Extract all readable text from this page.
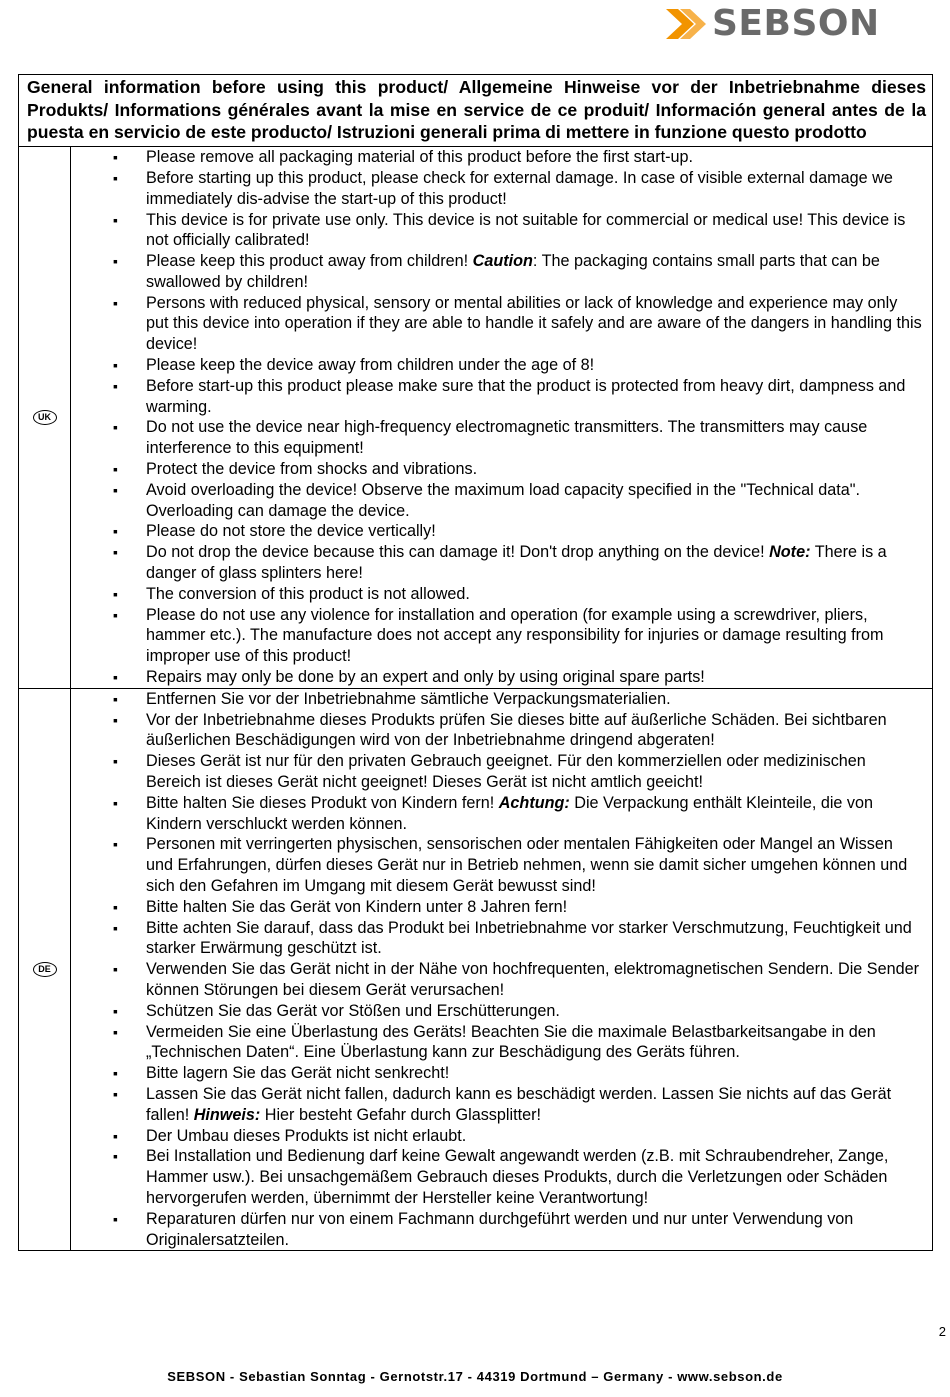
SEBSON
General information before using this product/ Allgemeine Hinweise vor der Inbetriebnahme dieses Produkts/ Informations générales avant la mise en service de ce produit/ Información general antes de la puesta en servicio de este producto/ Istruzioni generali prima di mettere in funzione questo prodotto
UK
▪ Please remove all packaging material of this product before the first start-up.
▪ Before starting up this product, please check for external damage. In case of visible external damage we immediately dis-advise the start-up of this product!
▪ This device is for private use only. This device is not suitable for commercial or medical use! This device is not officially calibrated!
▪ Please keep this product away from children! Caution: The packaging contains small parts that can be swallowed by children!
▪ Persons with reduced physical, sensory or mental abilities or lack of knowledge and experience may only put this device into operation if they are able to handle it safely and are aware of the dangers in handling this device!
▪ Please keep the device away from children under the age of 8!
▪ Before start-up this product please make sure that the product is protected from heavy dirt, dampness and warming.
▪ Do not use the device near high-frequency electromagnetic transmitters. The transmitters may cause interference to this equipment!
▪ Protect the device from shocks and vibrations.
▪ Avoid overloading the device! Observe the maximum load capacity specified in the "Technical data". Overloading can damage the device.
▪ Please do not store the device vertically!
▪ Do not drop the device because this can damage it! Don't drop anything on the device! Note: There is a danger of glass splinters here!
▪ The conversion of this product is not allowed.
▪ Please do not use any violence for installation and operation (for example using a screwdriver, pliers, hammer etc.). The manufacture does not accept any responsibility for injuries or damage resulting from improper use of this product!
▪ Repairs may only be done by an expert and only by using original spare parts!
DE
▪ Entfernen Sie vor der Inbetriebnahme sämtliche Verpackungsmaterialien.
▪ Vor der Inbetriebnahme dieses Produkts prüfen Sie dieses bitte auf äußerliche Schäden. Bei sichtbaren äußerlichen Beschädigungen wird von der Inbetriebnahme dringend abgeraten!
▪ Dieses Gerät ist nur für den privaten Gebrauch geeignet. Für den kommerziellen oder medizinischen Bereich ist dieses Gerät nicht geeignet! Dieses Gerät ist nicht amtlich geeicht!
▪ Bitte halten Sie dieses Produkt von Kindern fern! Achtung: Die Verpackung enthält Kleinteile, die von Kindern verschluckt werden können.
▪ Personen mit verringerten physischen, sensorischen oder mentalen Fähigkeiten oder Mangel an Wissen und Erfahrungen, dürfen dieses Gerät nur in Betrieb nehmen, wenn sie damit sicher umgehen können und sich den Gefahren im Umgang mit diesem Gerät bewusst sind!
▪ Bitte halten Sie das Gerät von Kindern unter 8 Jahren fern!
▪ Bitte achten Sie darauf, dass das Produkt bei Inbetriebnahme vor starker Verschmutzung, Feuchtigkeit und starker Erwärmung geschützt ist.
▪ Verwenden Sie das Gerät nicht in der Nähe von hochfrequenten, elektromagnetischen Sendern. Die Sender können Störungen bei diesem Gerät verursachen!
▪ Schützen Sie das Gerät vor Stößen und Erschütterungen.
▪ Vermeiden Sie eine Überlastung des Geräts! Beachten Sie die maximale Belastbarkeitsangabe in den „Technischen Daten“. Eine Überlastung kann zur Beschädigung des Geräts führen.
▪ Bitte lagern Sie das Gerät nicht senkrecht!
▪ Lassen Sie das Gerät nicht fallen, dadurch kann es beschädigt werden. Lassen Sie nichts auf das Gerät fallen! Hinweis: Hier besteht Gefahr durch Glassplitter!
▪ Der Umbau dieses Produkts ist nicht erlaubt.
▪ Bei Installation und Bedienung darf keine Gewalt angewandt werden (z.B. mit Schraubendreher, Zange, Hammer usw.). Bei unsachgemäßem Gebrauch dieses Produkts, durch die Verletzungen oder Schäden hervorgerufen werden, übernimmt der Hersteller keine Verantwortung!
▪ Reparaturen dürfen nur von einem Fachmann durchgeführt werden und nur unter Verwendung von Originalersatzteilen.
2
SEBSON - Sebastian Sonntag - Gernotstr.17 - 44319 Dortmund – Germany - www.sebson.de
